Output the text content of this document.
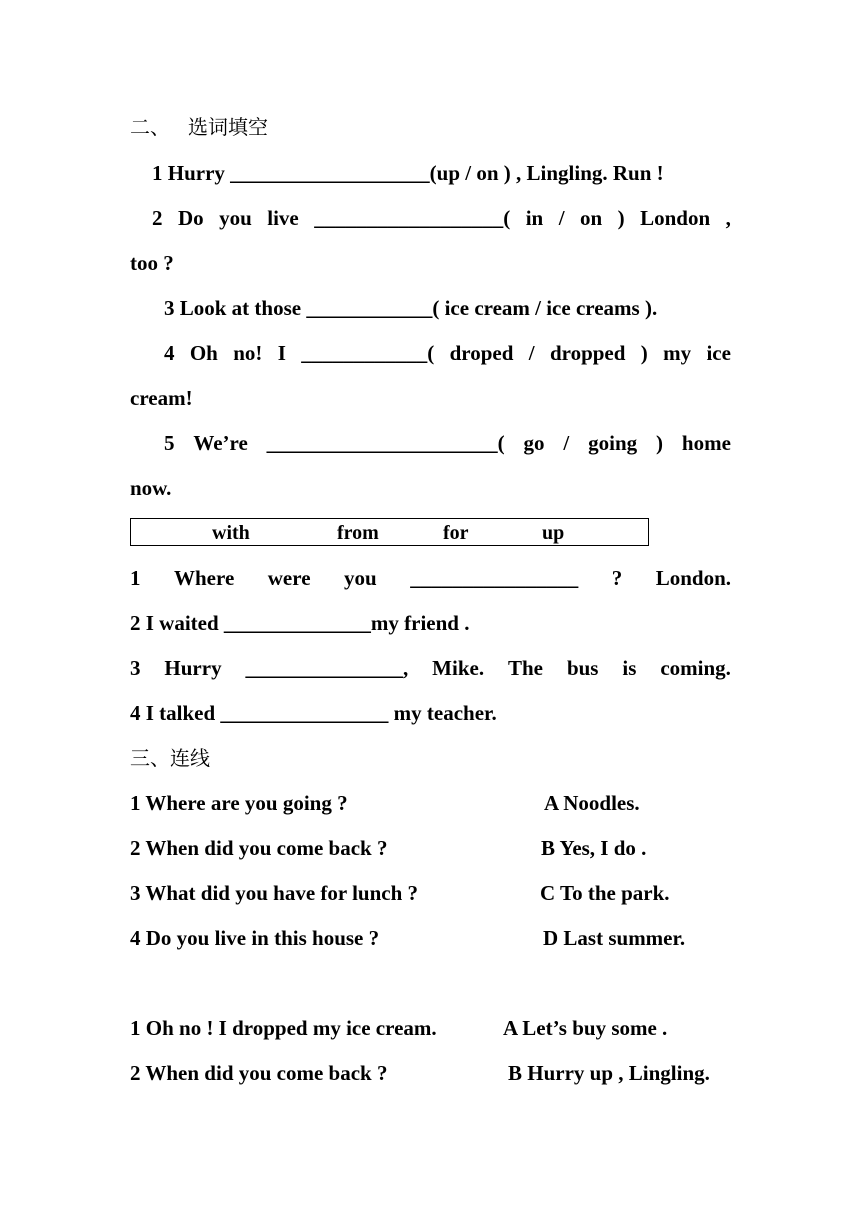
二、 选词填空
1 Hurry ___________________(up / on ) , Lingling. Run !
2 Do you live __________________( in / on ) London ,
too ?
3 Look at those ____________( ice cream / ice creams ).
4 Oh no! I ____________( droped / dropped ) my ice
cream!
5 We’re ______________________( go / going ) home
now.
with	from	for	up
1 Where were you ________________ ? London.
2 I waited ______________my friend .
3 Hurry _______________, Mike. The bus is coming.
4 I talked ________________ my teacher.
三、连线
1 Where are you going ?	A Noodles.
2 When did you come back ?	B Yes, I do .
3 What did you have for lunch ?	C To the park.
4 Do you live in this house ?	D Last summer.
1 Oh no ! I dropped my ice cream.	A Let’s buy some .
2 When did you come back ?	B Hurry up , Lingling.
